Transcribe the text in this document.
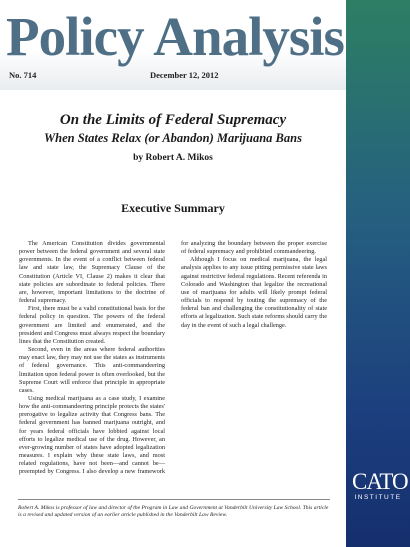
Policy Analysis
No. 714	December 12, 2012
CATO
INSTITUTE
On the Limits of Federal Supremacy
When States Relax (or Abandon) Marijuana Bans
by Robert A. Mikos
Executive Summary

The American Constitution divides governmental power between the federal government and several state governments. In the event of a conflict between federal law and state law, the Supremacy Clause of the Constitution (Article VI, Clause 2) makes it clear that state policies are subordinate to federal policies. There are, however, important limitations to the doctrine of federal supremacy.

First, there must be a valid constitutional basis for the federal policy in question. The powers of the federal government are limited and enumerated, and the president and Congress must always respect the boundary lines that the Constitution created.

Second, even in the areas where federal authorities may enact law, they may not use the states as instruments of federal governance. This anti-commandeering limitation upon federal power is often overlooked, but the Supreme Court will enforce that principle in appropriate cases.

Using medical marijuana as a case study, I examine how the anti-commandeering principle protects the states' prerogative to legalize activity that Congress bans. The federal government has banned marijuana outright, and for years federal officials have lobbied against local efforts to legalize medical use of the drug. However, an ever-growing number of states have adopted legalization measures. I explain why these state laws, and most related regulations, have not been—and cannot be—preempted by Congress. I also develop a new framework for analyzing the boundary between the proper exercise of federal supremacy and prohibited commandeering.

Although I focus on medical marijuana, the legal analysis applies to any issue pitting permissive state laws against restrictive federal regulations. Recent referenda in Colorado and Washington that legalize the recreational use of marijuana for adults will likely prompt federal officials to respond by touting the supremacy of the federal ban and challenging the constitutionality of state efforts at legalization. Such state reforms should carry the day in the event of such a legal challenge.

Robert A. Mikos is professor of law and director of the Program in Law and Government at Vanderbilt University Law School. This article is a revised and updated version of an earlier article published in the Vanderbilt Law Review.
